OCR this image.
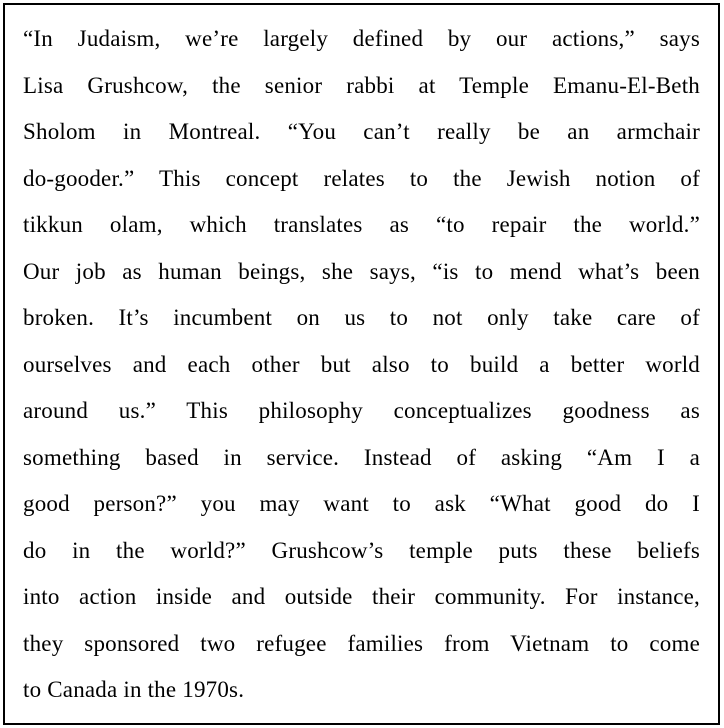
“In Judaism, we’re largely defined by our actions,” says
Lisa Grushcow, the senior rabbi at Temple Emanu-El-Beth
Sholom in Montreal. “You can’t really be an armchair
do-gooder.” This concept relates to the Jewish notion of
tikkun olam, which translates as “to repair the world.”
Our job as human beings, she says, “is to mend what’s been
broken. It’s incumbent on us to not only take care of
ourselves and each other but also to build a better world
around us.” This philosophy conceptualizes goodness as
something based in service. Instead of asking “Am I a
good person?” you may want to ask “What good do I
do in the world?” Grushcow’s temple puts these beliefs
into action inside and outside their community. For instance,
they sponsored two refugee families from Vietnam to come
to Canada in the 1970s.
